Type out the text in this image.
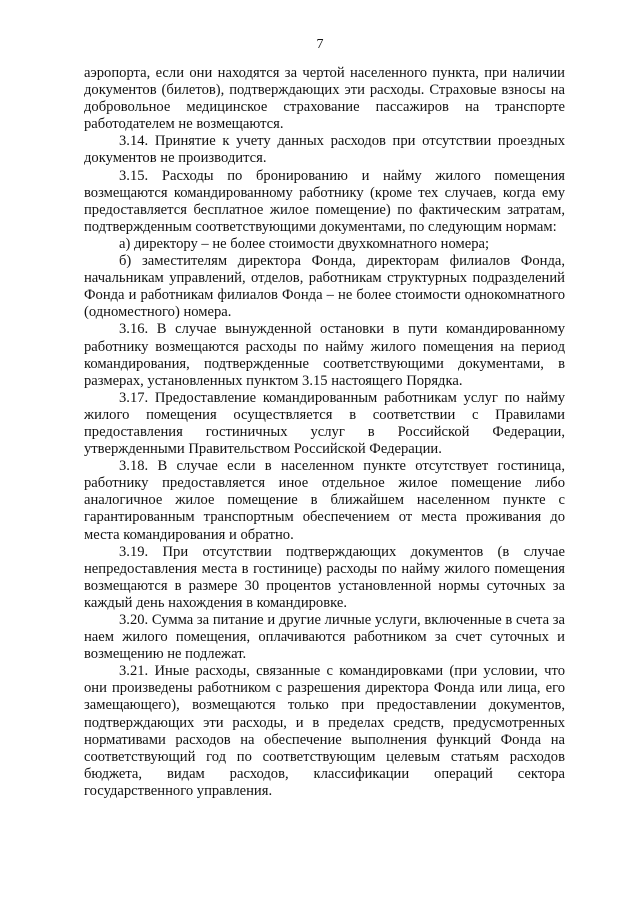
7

аэропорта, если они находятся за чертой населенного пункта, при наличии документов (билетов), подтверждающих эти расходы. Страховые взносы на добровольное медицинское страхование пассажиров на транспорте работодателем не возмещаются.

3.14. Принятие к учету данных расходов при отсутствии проездных документов не производится.

3.15. Расходы по бронированию и найму жилого помещения возмещаются командированному работнику (кроме тех случаев, когда ему предоставляется бесплатное жилое помещение) по фактическим затратам, подтвержденным соответствующими документами, по следующим нормам:

а) директору – не более стоимости двухкомнатного номера;

б) заместителям директора Фонда, директорам филиалов Фонда, начальникам управлений, отделов, работникам структурных подразделений Фонда и работникам филиалов Фонда – не более стоимости однокомнатного (одноместного) номера.

3.16. В случае вынужденной остановки в пути командированному работнику возмещаются расходы по найму жилого помещения на период командирования, подтвержденные соответствующими документами, в размерах, установленных пунктом 3.15 настоящего Порядка.

3.17. Предоставление командированным работникам услуг по найму жилого помещения осуществляется в соответствии с Правилами предоставления гостиничных услуг в Российской Федерации, утвержденными Правительством Российской Федерации.

3.18. В случае если в населенном пункте отсутствует гостиница, работнику предоставляется иное отдельное жилое помещение либо аналогичное жилое помещение в ближайшем населенном пункте с гарантированным транспортным обеспечением от места проживания до места командирования и обратно.

3.19. При отсутствии подтверждающих документов (в случае непредоставления места в гостинице) расходы по найму жилого помещения возмещаются в размере 30 процентов установленной нормы суточных за каждый день нахождения в командировке.

3.20. Сумма за питание и другие личные услуги, включенные в счета за наем жилого помещения, оплачиваются работником за счет суточных и возмещению не подлежат.

3.21. Иные расходы, связанные с командировками (при условии, что они произведены работником с разрешения директора Фонда или лица, его замещающего), возмещаются только при предоставлении документов, подтверждающих эти расходы, и в пределах средств, предусмотренных нормативами расходов на обеспечение выполнения функций Фонда на соответствующий год по соответствующим целевым статьям расходов бюджета, видам расходов, классификации операций сектора государственного управления.
